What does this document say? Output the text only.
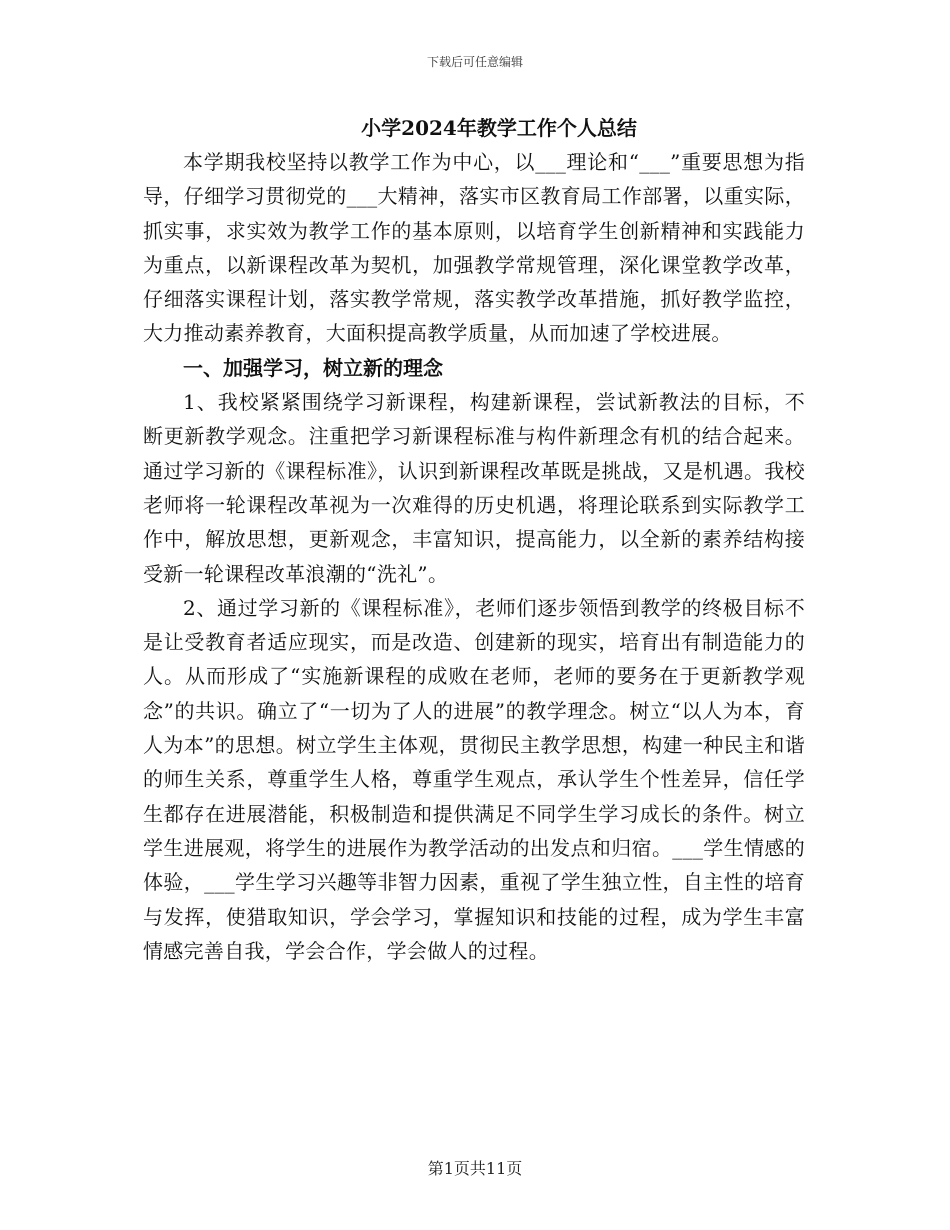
下载后可任意编辑
小学2024年教学工作个人总结

本学期我校坚持以教学工作为中心，以___理论和“___”重要思想为指导，仔细学习贯彻党的___大精神，落实市区教育局工作部署，以重实际，抓实事，求实效为教学工作的基本原则，以培育学生创新精神和实践能力为重点，以新课程改革为契机，加强教学常规管理，深化课堂教学改革，仔细落实课程计划，落实教学常规，落实教学改革措施，抓好教学监控，大力推动素养教育，大面积提高教学质量，从而加速了学校进展。

一、加强学习，树立新的理念

1、我校紧紧围绕学习新课程，构建新课程，尝试新教法的目标，不断更新教学观念。注重把学习新课程标准与构件新理念有机的结合起来。通过学习新的《课程标准》，认识到新课程改革既是挑战，又是机遇。我校老师将一轮课程改革视为一次难得的历史机遇，将理论联系到实际教学工作中，解放思想，更新观念，丰富知识，提高能力，以全新的素养结构接受新一轮课程改革浪潮的“洗礼”。

2、通过学习新的《课程标准》，老师们逐步领悟到教学的终极目标不是让受教育者适应现实，而是改造、创建新的现实，培育出有制造能力的人。从而形成了“实施新课程的成败在老师，老师的要务在于更新教学观念”的共识。确立了“一切为了人的进展”的教学理念。树立“以人为本，育人为本”的思想。树立学生主体观，贯彻民主教学思想，构建一种民主和谐的师生关系，尊重学生人格，尊重学生观点，承认学生个性差异，信任学生都存在进展潜能，积极制造和提供满足不同学生学习成长的条件。树立学生进展观，将学生的进展作为教学活动的出发点和归宿。___学生情感的体验，___学生学习兴趣等非智力因素，重视了学生独立性，自主性的培育与发挥，使猎取知识，学会学习，掌握知识和技能的过程，成为学生丰富情感完善自我，学会合作，学会做人的过程。

第1页共11页
